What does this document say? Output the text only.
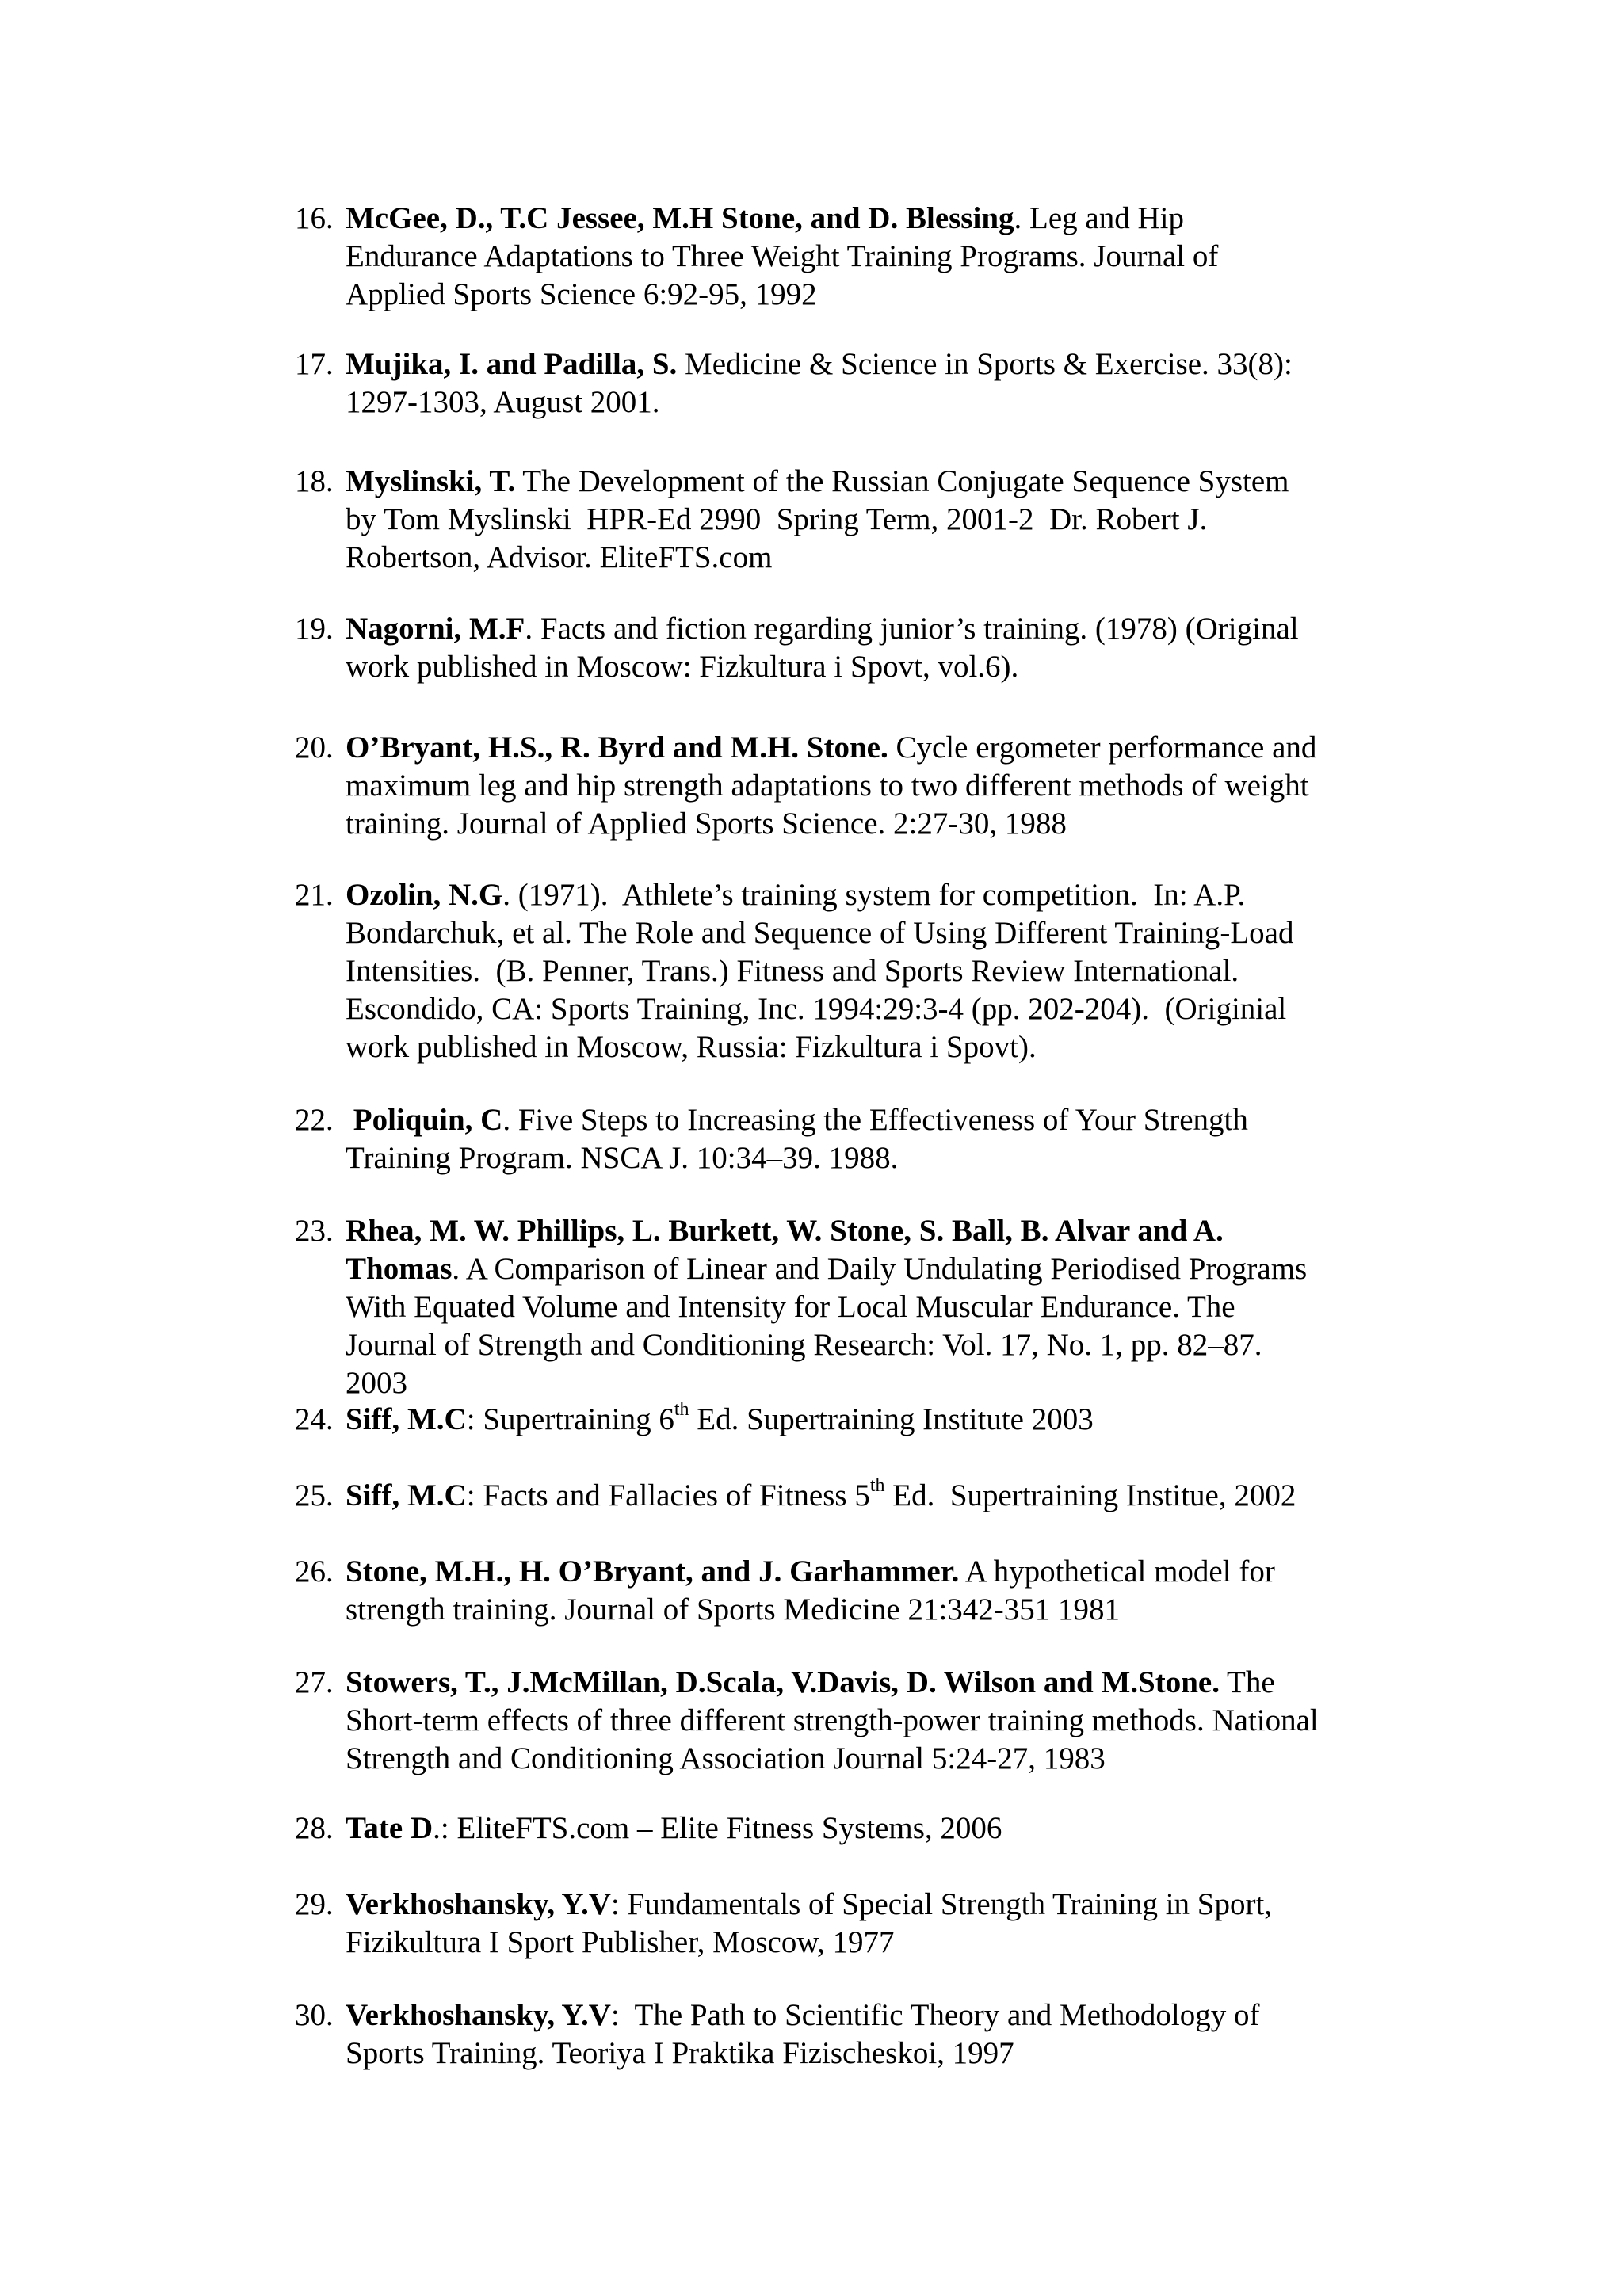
16. McGee, D., T.C Jessee, M.H Stone, and D. Blessing. Leg and Hip
Endurance Adaptations to Three Weight Training Programs. Journal of
Applied Sports Science 6:92-95, 1992
17. Mujika, I. and Padilla, S. Medicine & Science in Sports & Exercise. 33(8):
1297-1303, August 2001.
18. Myslinski, T. The Development of the Russian Conjugate Sequence System
by Tom Myslinski  HPR-Ed 2990  Spring Term, 2001-2  Dr. Robert J.
Robertson, Advisor. EliteFTS.com
19. Nagorni, M.F. Facts and fiction regarding junior’s training. (1978) (Original
work published in Moscow: Fizkultura i Spovt, vol.6).
20. O’Bryant, H.S., R. Byrd and M.H. Stone. Cycle ergometer performance and
maximum leg and hip strength adaptations to two different methods of weight
training. Journal of Applied Sports Science. 2:27-30, 1988
21. Ozolin, N.G. (1971).  Athlete’s training system for competition.  In: A.P.
Bondarchuk, et al. The Role and Sequence of Using Different Training-Load
Intensities.  (B. Penner, Trans.) Fitness and Sports Review International.
Escondido, CA: Sports Training, Inc. 1994:29:3-4 (pp. 202-204).  (Originial
work published in Moscow, Russia: Fizkultura i Spovt).
22. Poliquin, C. Five Steps to Increasing the Effectiveness of Your Strength
Training Program. NSCA J. 10:34–39. 1988.
23. Rhea, M. W. Phillips, L. Burkett, W. Stone, S. Ball, B. Alvar and A.
Thomas. A Comparison of Linear and Daily Undulating Periodised Programs
With Equated Volume and Intensity for Local Muscular Endurance. The
Journal of Strength and Conditioning Research: Vol. 17, No. 1, pp. 82–87.
2003
24. Siff, M.C: Supertraining 6th Ed. Supertraining Institute 2003
25. Siff, M.C: Facts and Fallacies of Fitness 5th Ed.  Supertraining Institue, 2002
26. Stone, M.H., H. O’Bryant, and J. Garhammer. A hypothetical model for
strength training. Journal of Sports Medicine 21:342-351 1981
27. Stowers, T., J.McMillan, D.Scala, V.Davis, D. Wilson and M.Stone. The
Short-term effects of three different strength-power training methods. National
Strength and Conditioning Association Journal 5:24-27, 1983
28. Tate D.: EliteFTS.com – Elite Fitness Systems, 2006
29. Verkhoshansky, Y.V: Fundamentals of Special Strength Training in Sport,
Fizikultura I Sport Publisher, Moscow, 1977
30. Verkhoshansky, Y.V:  The Path to Scientific Theory and Methodology of
Sports Training. Teoriya I Praktika Fizischeskoi, 1997
